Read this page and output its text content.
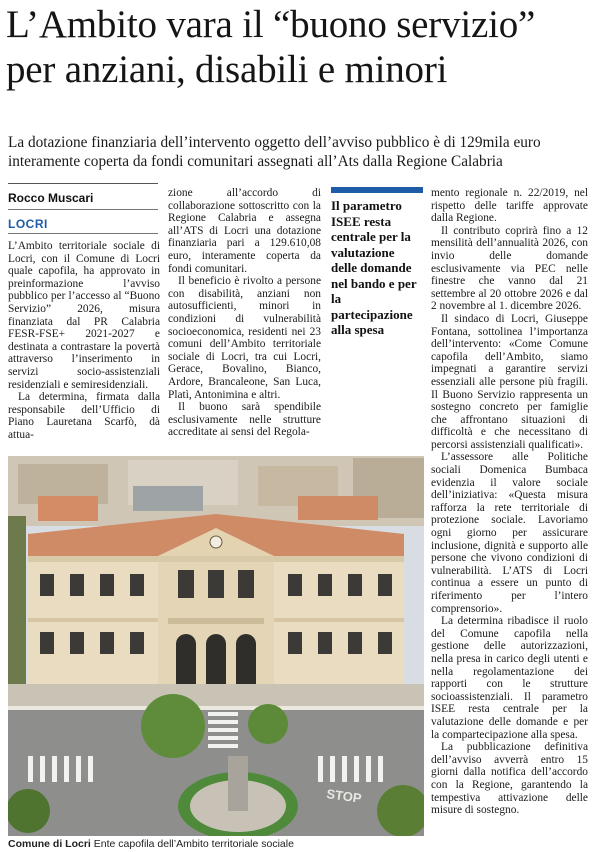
L’Ambito vara il “buono servizio”
per anziani, disabili e minori
La dotazione finanziaria dell’intervento oggetto dell’avviso pubblico è di 129mila euro interamente coperta da fondi comunitari assegnati all’Ats dalla Regione Calabria
Rocco Muscari
LOCRI

L’Ambito territoriale sociale di Locri, con il Comune di Locri quale capofila, ha approvato in preinformazione l’avviso pubblico per l’accesso al “Buono Servizio” 2026, misura finanziata dal PR Calabria FESR-FSE+ 2021-2027 e destinata a contrastare la povertà attraverso l’inserimento in servizi socio-assistenziali residenziali e semiresidenziali.

La determina, firmata dalla responsabile dell’Ufficio di Piano Lauretana Scarfò, dà attua-

zione all’accordo di collaborazione sottoscritto con la Regione Calabria e assegna all’ATS di Locri una dotazione finanziaria pari a 129.610,08 euro, interamente coperta da fondi comunitari.

Il beneficio è rivolto a persone con disabilità, anziani non autosufficienti, minori in condizioni di vulnerabilità socioeconomica, residenti nei 23 comuni dell’Ambito territoriale sociale di Locri, tra cui Locri, Gerace, Bovalino, Bianco, Ardore, Brancaleone, San Luca, Platì, Antonimina e altri.

Il buono sarà spendibile esclusivamente nelle strutture accreditate ai sensi del Regola-

Il parametro ISEE resta centrale per la valutazione delle domande nel bando e per la partecipazione alla spesa

mento regionale n. 22/2019, nel rispetto delle tariffe approvate dalla Regione.

Il contributo coprirà fino a 12 mensilità dell’annualità 2026, con invio delle domande esclusivamente via PEC nelle finestre che vanno dal 21 settembre al 20 ottobre 2026 e dal 2 novembre al 1. dicembre 2026.

Il sindaco di Locri, Giuseppe Fontana, sottolinea l’importanza dell’intervento: «Come Comune capofila dell’Ambito, siamo impegnati a garantire servizi essenziali alle persone più fragili. Il Buono Servizio rappresenta un sostegno concreto per famiglie che affrontano situazioni di difficoltà e che necessitano di percorsi assistenziali qualificati».

L’assessore alle Politiche sociali Domenica Bumbaca evidenzia il valore sociale dell’iniziativa: «Questa misura rafforza la rete territoriale di protezione sociale. Lavoriamo ogni giorno per assicurare inclusione, dignità e supporto alle persone che vivono condizioni di vulnerabilità. L’ATS di Locri continua a essere un punto di riferimento per l’intero comprensorio».

La determina ribadisce il ruolo del Comune capofila nella gestione delle autorizzazioni, nella presa in carico degli utenti e nella regolamentazione dei rapporti con le strutture socioassistenziali. Il parametro ISEE resta centrale per la valutazione delle domande e per la compartecipazione alla spesa.

La pubblicazione definitiva dell’avviso avverrà entro 15 giorni dalla notifica dell’accordo con la Regione, garantendo la tempestiva attivazione delle misure di sostegno.

STOP
Comune di Locri Ente capofila dell’Ambito territoriale sociale
